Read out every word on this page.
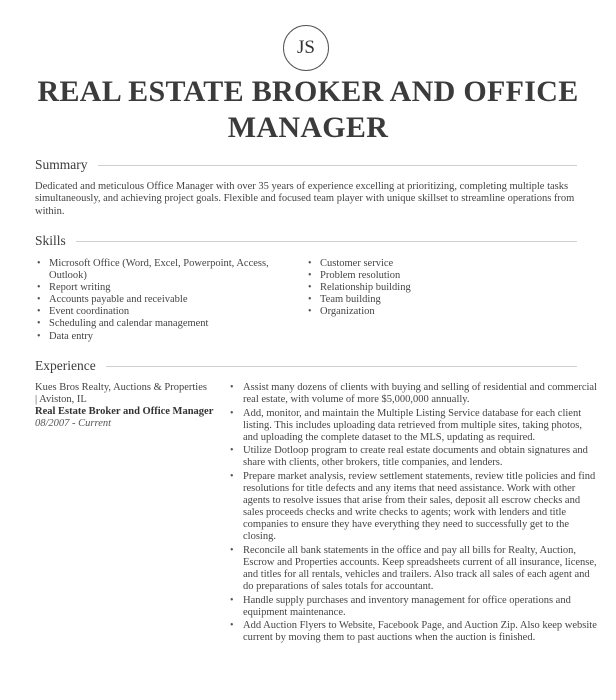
JS
REAL ESTATE BROKER AND OFFICE
MANAGER
Summary

Dedicated and meticulous Office Manager with over 35 years of experience excelling at prioritizing, completing multiple tasks simultaneously, and achieving project goals. Flexible and focused team player with unique skillset to streamline operations from within.

Skills
• Microsoft Office (Word, Excel, Powerpoint, Access, Outlook)
• Report writing
• Accounts payable and receivable
• Event coordination
• Scheduling and calendar management
• Data entry
• Customer service
• Problem resolution
• Relationship building
• Team building
• Organization
Experience
Kues Bros Realty, Auctions & Properties
| Aviston, IL
Real Estate Broker and Office Manager
08/2007 - Current
• Assist many dozens of clients with buying and selling of residential and commercial real estate, with volume of more $5,000,000 annually.
• Add, monitor, and maintain the Multiple Listing Service database for each client listing. This includes uploading data retrieved from multiple sites, taking photos, and uploading the complete dataset to the MLS, updating as required.
• Utilize Dotloop program to create real estate documents and obtain signatures and share with clients, other brokers, title companies, and lenders.
• Prepare market analysis, review settlement statements, review title policies and find resolutions for title defects and any items that need assistance. Work with other agents to resolve issues that arise from their sales, deposit all escrow checks and sales proceeds checks and write checks to agents; work with lenders and title companies to ensure they have everything they need to successfully get to the closing.
• Reconcile all bank statements in the office and pay all bills for Realty, Auction, Escrow and Properties accounts. Keep spreadsheets current of all insurance, license, and titles for all rentals, vehicles and trailers. Also track all sales of each agent and do preparations of sales totals for accountant.
• Handle supply purchases and inventory management for office operations and equipment maintenance.
• Add Auction Flyers to Website, Facebook Page, and Auction Zip. Also keep website current by moving them to past auctions when the auction is finished.
